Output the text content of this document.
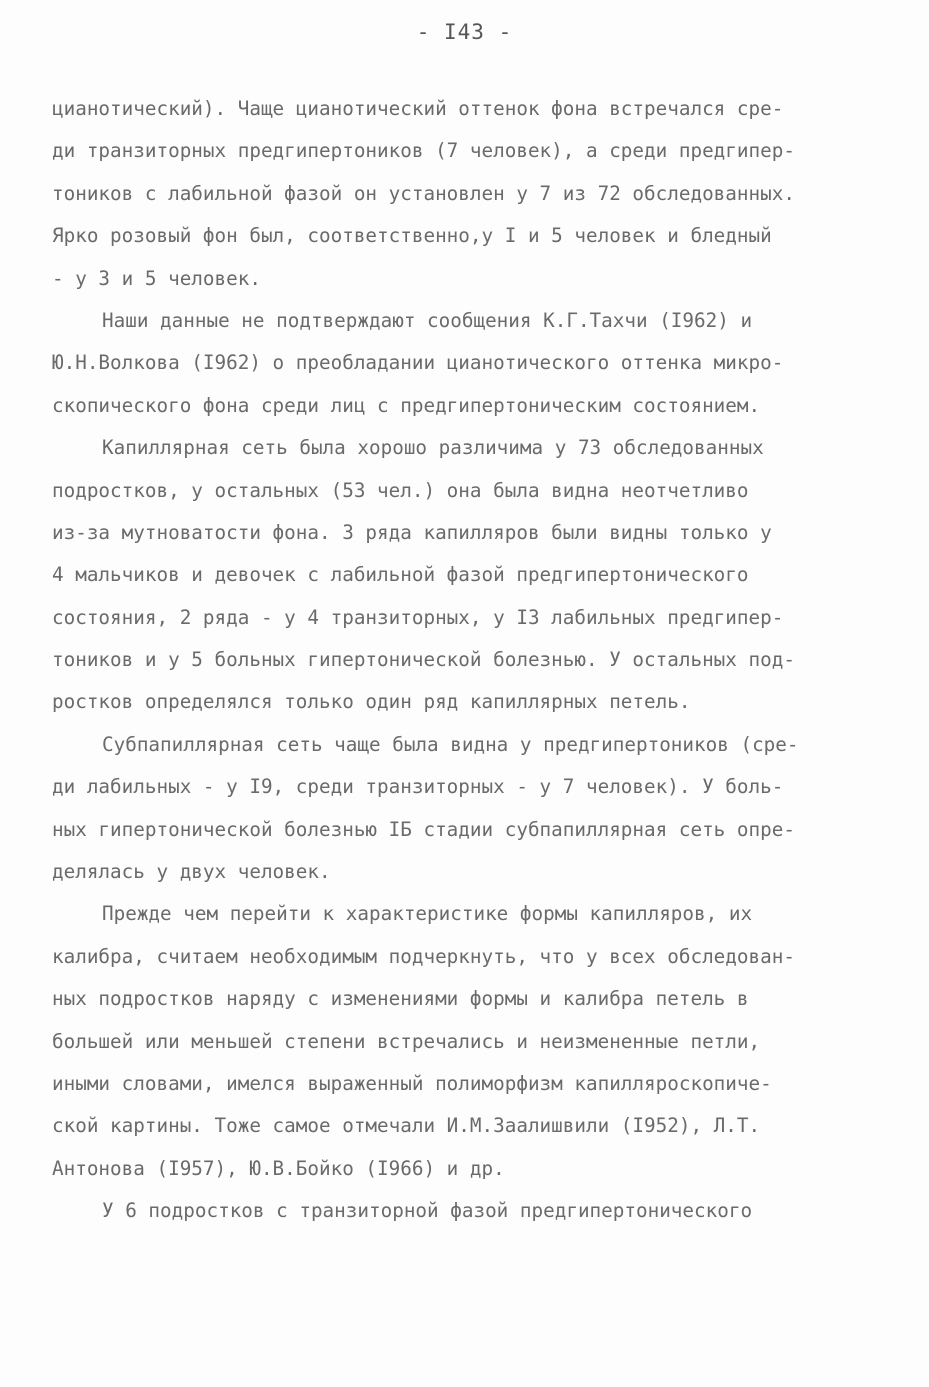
- I43 -
цианотический). Чаще цианотический оттенок фона встречался сре-
ди транзиторных предгипертоников (7 человек), а среди предгипер-
тоников с лабильной фазой он установлен у 7 из 72 обследованных.
Ярко розовый фон был, соответственно,у I и 5 человек и бледный
- у 3 и 5 человек.
Наши данные не подтверждают сообщения К.Г.Тахчи (I962) и
Ю.Н.Волкова (I962) о преобладании цианотического оттенка микро-
скопического фона среди лиц с предгипертоническим состоянием.
Капиллярная сеть была хорошо различима у 73 обследованных
подростков, у остальных (53 чел.) она была видна неотчетливо
из-за мутноватости фона. 3 ряда капилляров были видны только у
4 мальчиков и девочек с лабильной фазой предгипертонического
состояния, 2 ряда - у 4 транзиторных, у I3 лабильных предгипер-
тоников и у 5 больных гипертонической болезнью. У остальных под-
ростков определялся только один ряд капиллярных петель.
Субпапиллярная сеть чаще была видна у предгипертоников (сре-
ди лабильных - у I9, среди транзиторных - у 7 человек). У боль-
ных гипертонической болезнью IБ стадии субпапиллярная сеть опре-
делялась у двух человек.
Прежде чем перейти к характеристике формы капилляров, их
калибра, считаем необходимым подчеркнуть, что у всех обследован-
ных подростков наряду с изменениями формы и калибра петель в
большей или меньшей степени встречались и неизмененные петли,
иными словами, имелся выраженный полиморфизм капилляроскопиче-
ской картины. Тоже самое отмечали И.М.Заалишвили (I952), Л.Т.
Антонова (I957), Ю.В.Бойко (I966) и др.
У 6 подростков с транзиторной фазой предгипертонического
